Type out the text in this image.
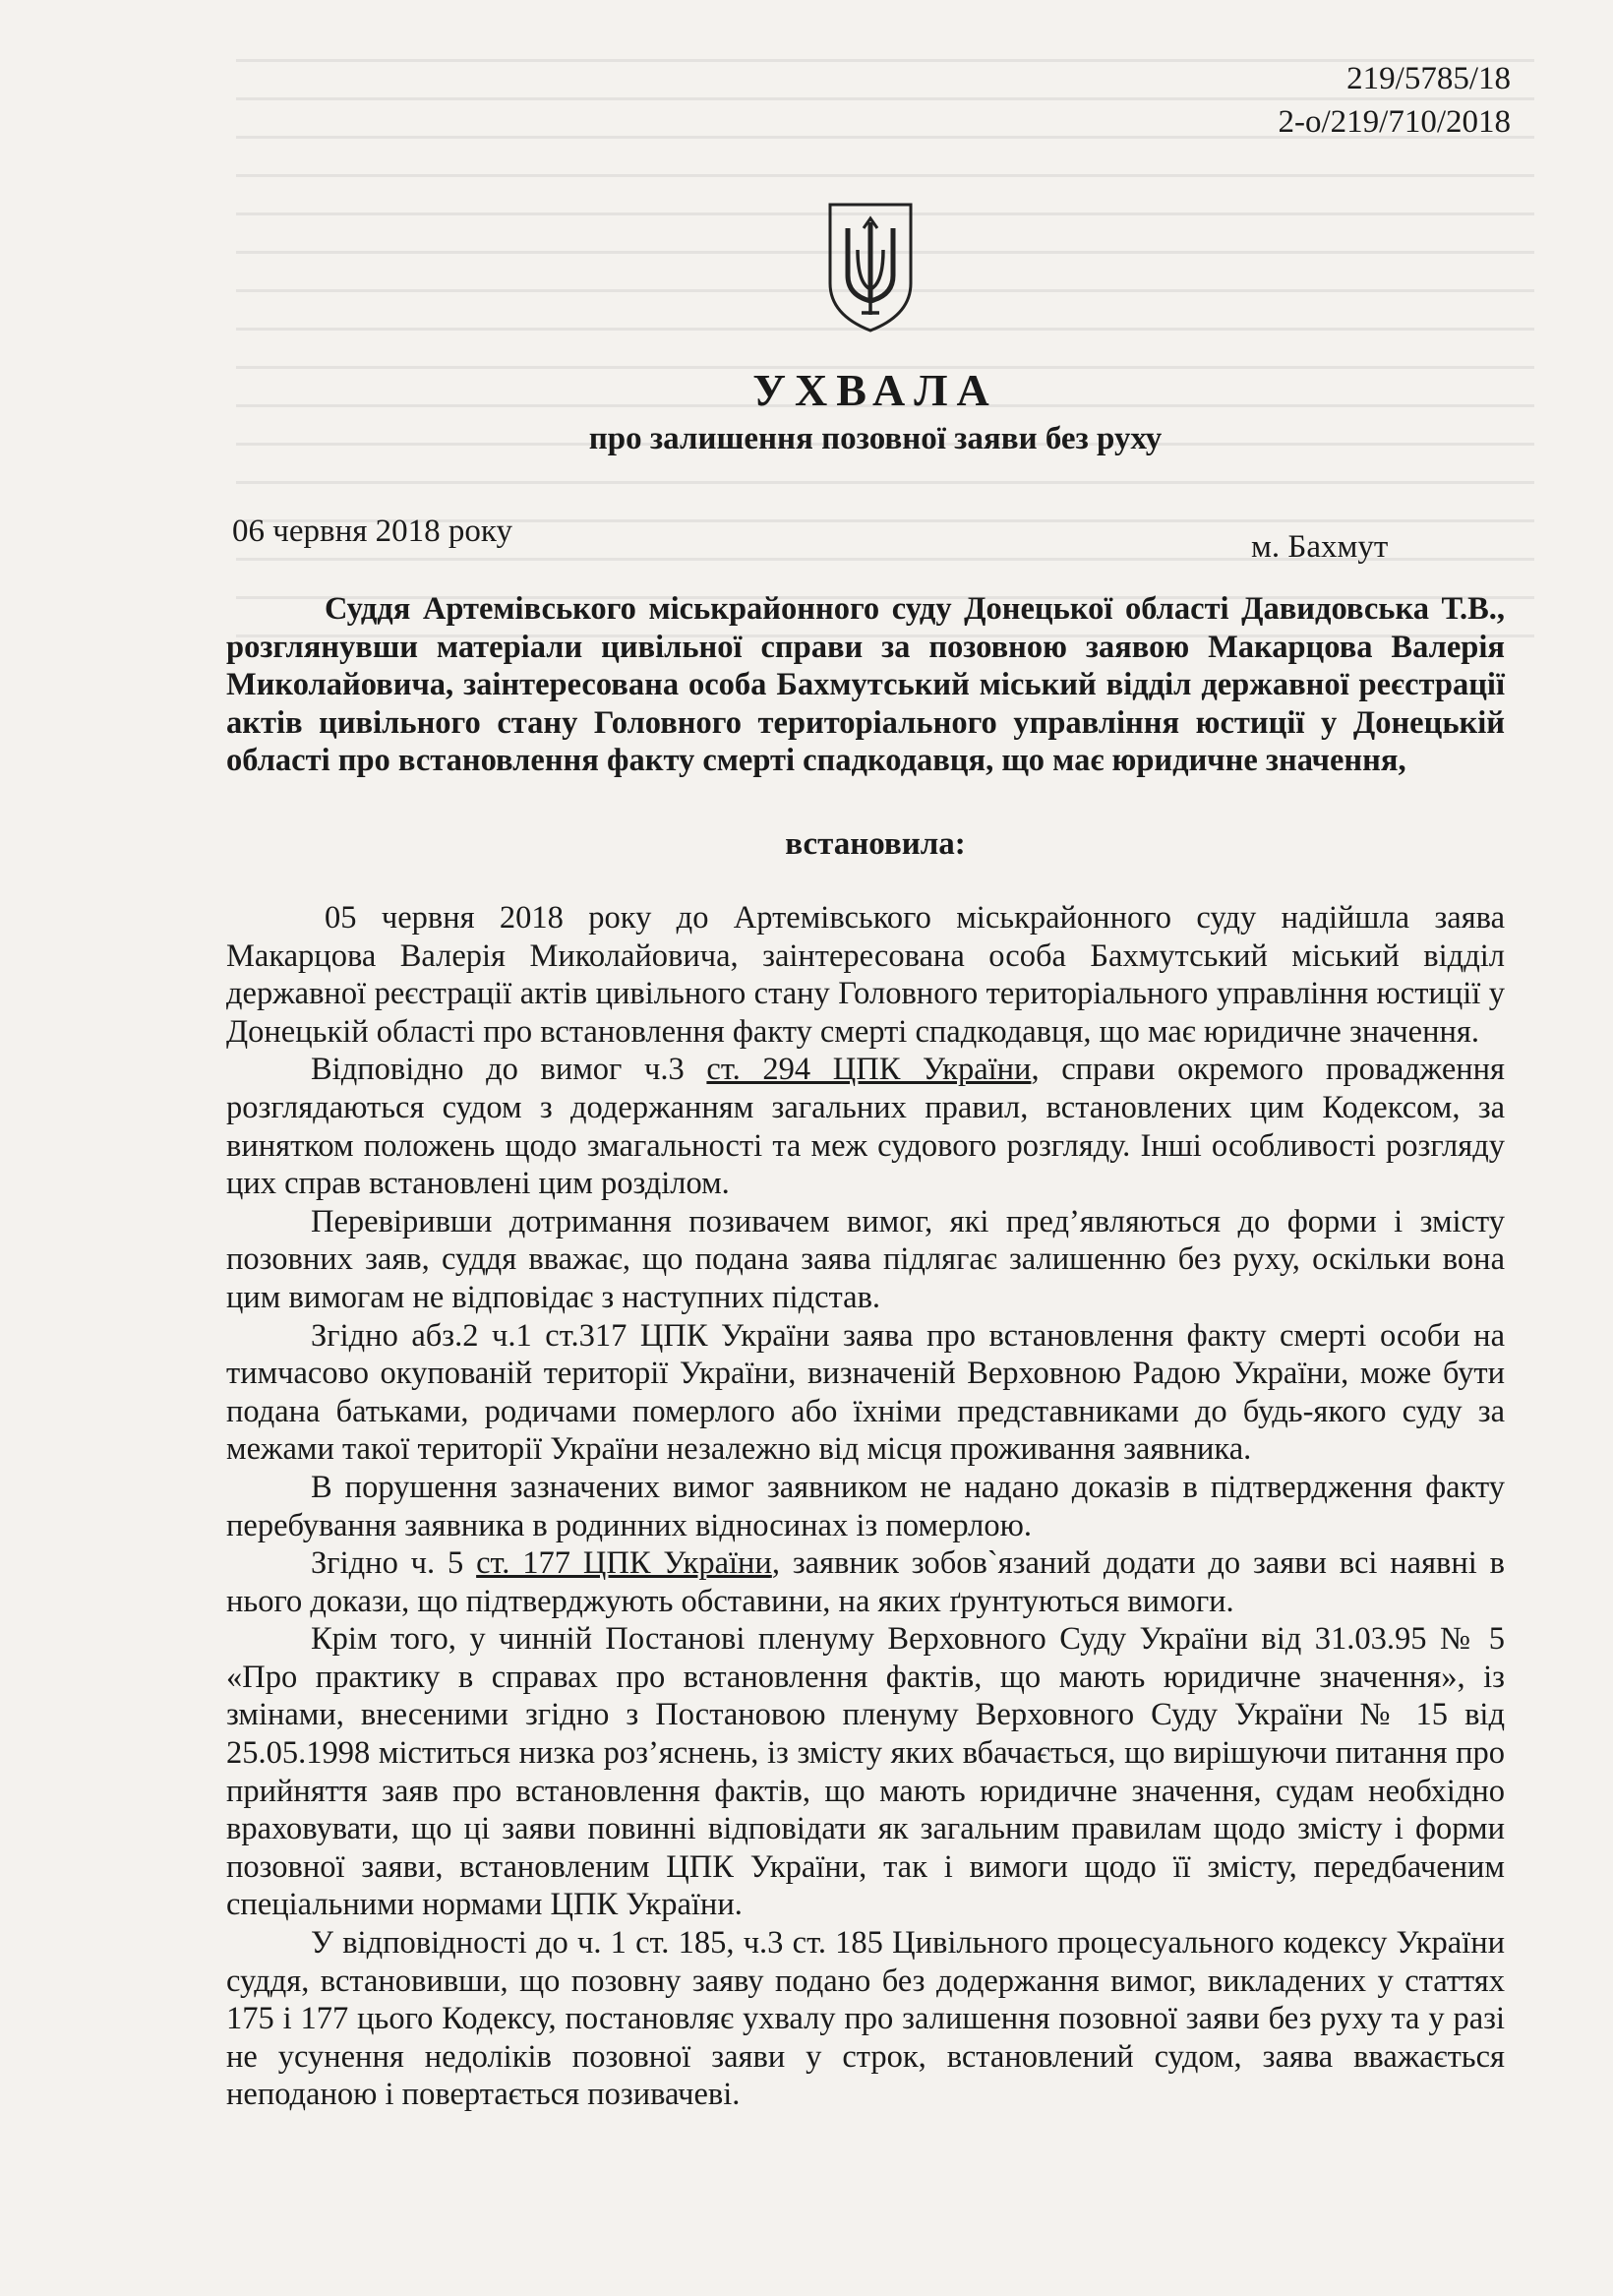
219/5785/18
2-о/219/710/2018
УХВАЛА
про залишення позовної заяви без руху
06 червня 2018 року	м. Бахмут

Суддя Артемівського міськрайонного суду Донецької області Давидовська Т.В., розглянувши матеріали цивільної справи за позовною заявою Макарцова Валерія Миколайовича, заінтересована особа Бахмутський міський відділ державної реєстрації актів цивільного стану Головного територіального управління юстиції у Донецькій області про встановлення факту смерті спадкодавця, що має юридичне значення,

встановила:

05 червня 2018 року до Артемівського міськрайонного суду надійшла заява Макарцова Валерія Миколайовича, заінтересована особа Бахмутський міський відділ державної реєстрації актів цивільного стану Головного територіального управління юстиції у Донецькій області про встановлення факту смерті спадкодавця, що має юридичне значення.

Відповідно до вимог ч.3 ст. 294 ЦПК України, справи окремого провадження розглядаються судом з додержанням загальних правил, встановлених цим Кодексом, за винятком положень щодо змагальності та меж судового розгляду. Інші особливості розгляду цих справ встановлені цим розділом.

Перевіривши дотримання позивачем вимог, які пред’являються до форми і змісту позовних заяв, суддя вважає, що подана заява підлягає залишенню без руху, оскільки вона цим вимогам не відповідає з наступних підстав.

Згідно абз.2 ч.1 ст.317 ЦПК України заява про встановлення факту смерті особи на тимчасово окупованій території України, визначеній Верховною Радою України, може бути подана батьками, родичами померлого або їхніми представниками до будь-якого суду за межами такої території України незалежно від місця проживання заявника.

В порушення зазначених вимог заявником не надано доказів в підтвердження факту перебування заявника в родинних відносинах із померлою.

Згідно ч. 5 ст. 177 ЦПК України, заявник зобов`язаний додати до заяви всі наявні в нього докази, що підтверджують обставини, на яких ґрунтуються вимоги.

Крім того, у чинній Постанові пленуму Верховного Суду України від 31.03.95 № 5 «Про практику в справах про встановлення фактів, що мають юридичне значення», із змінами, внесеними згідно з Постановою пленуму Верховного Суду України № 15 від 25.05.1998 міститься низка роз’яснень, із змісту яких вбачається, що вирішуючи питання про прийняття заяв про встановлення фактів, що мають юридичне значення, судам необхідно враховувати, що ці заяви повинні відповідати як загальним правилам щодо змісту і форми позовної заяви, встановленим ЦПК України, так і вимоги щодо її змісту, передбаченим спеціальними нормами ЦПК України.

У відповідності до ч. 1 ст. 185, ч.3 ст. 185 Цивільного процесуального кодексу України суддя, встановивши, що позовну заяву подано без додержання вимог, викладених у статтях 175 і 177 цього Кодексу, постановляє ухвалу про залишення позовної заяви без руху та у разі не усунення недоліків позовної заяви у строк, встановлений судом, заява вважається неподаною і повертається позивачеві.
